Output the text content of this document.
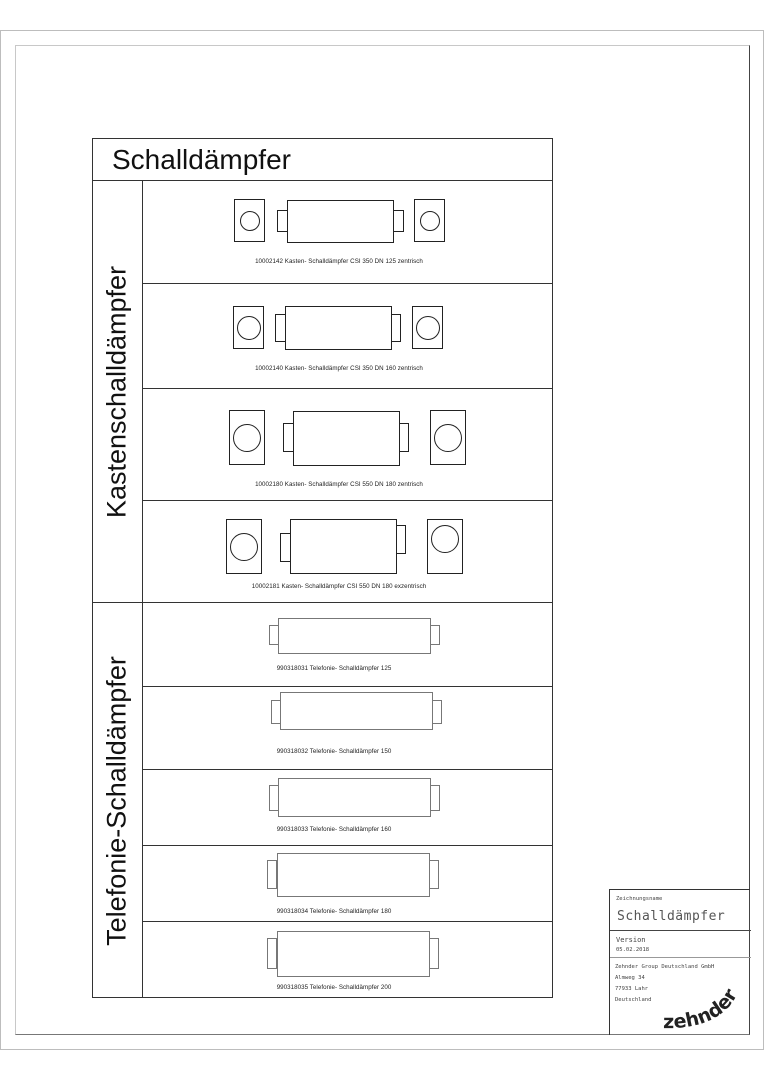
Schalldämpfer
Kastenschalldämpfer
Telefonie-Schalldämpfer
10002142 Kasten- Schalldämpfer CSI 350 DN 125 zentrisch
10002140 Kasten- Schalldämpfer CSI 350 DN 160 zentrisch
10002180 Kasten- Schalldämpfer CSI 550 DN 180 zentrisch
10002181 Kasten- Schalldämpfer CSI 550 DN 180 exzentrisch
990318031 Telefonie- Schalldämpfer 125
990318032 Telefonie- Schalldämpfer 150
990318033 Telefonie- Schalldämpfer 160
990318034 Telefonie- Schalldämpfer 180
990318035 Telefonie- Schalldämpfer 200
Zeichnungsname
Schalldämpfer
Version
05.02.2018
Zehnder Group Deutschland GmbH
Almweg 34
77933 Lahr
Deutschland
zehnder
